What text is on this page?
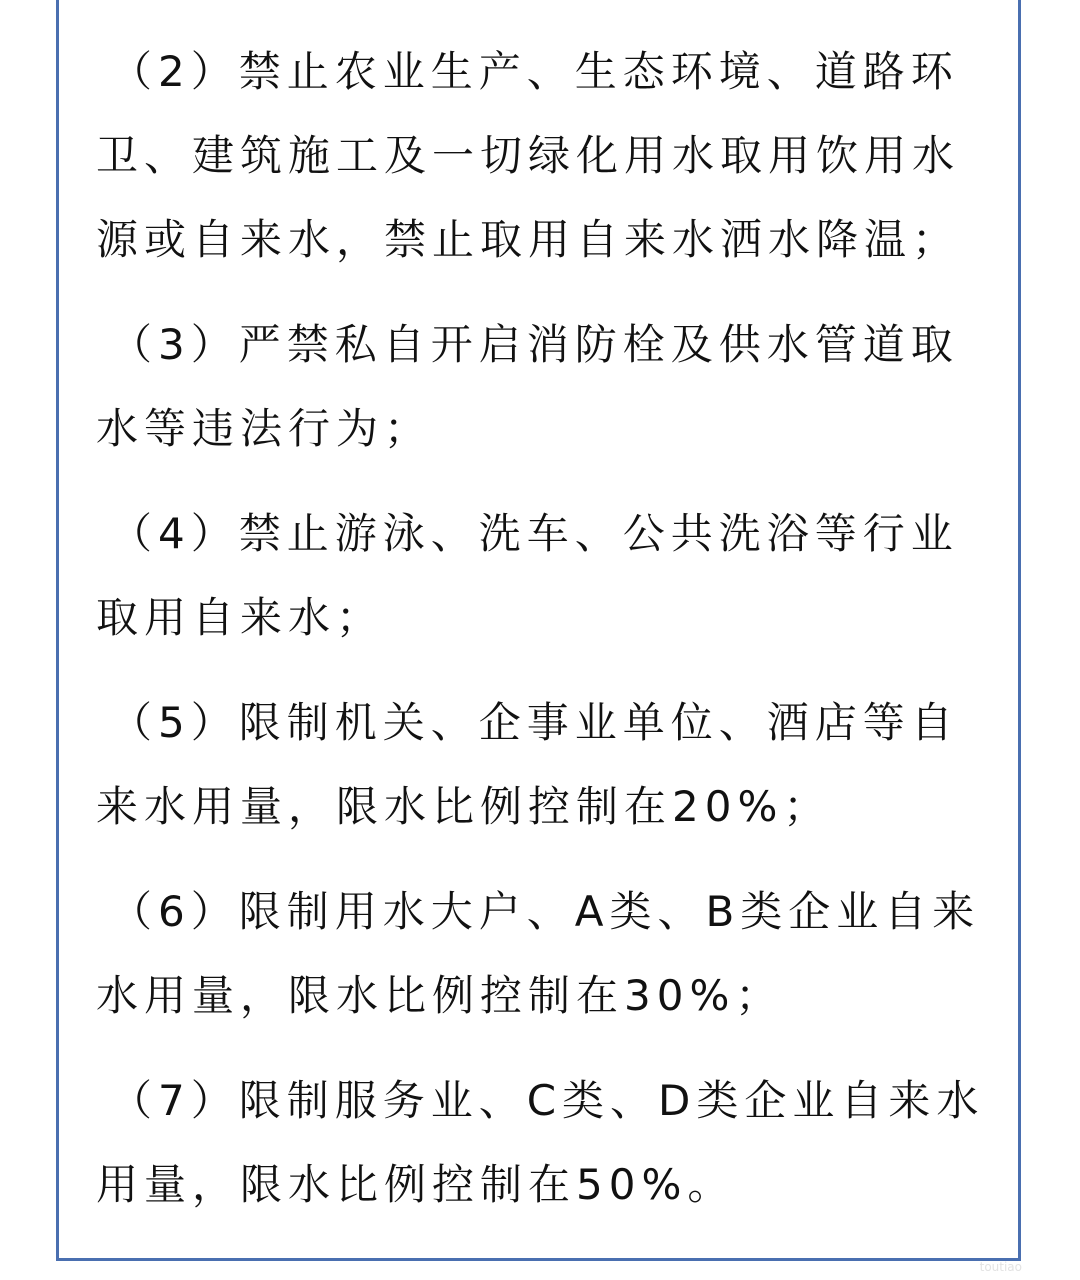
（2）禁止农业生产、生态环境、道路环卫、建筑施工及一切绿化用水取用饮用水源或自来水，禁止取用自来水洒水降温；

（3）严禁私自开启消防栓及供水管道取水等违法行为；

（4）禁止游泳、洗车、公共洗浴等行业取用自来水；

（5）限制机关、企事业单位、酒店等自来水用量，限水比例控制在20%；

（6）限制用水大户、A类、B类企业自来水用量，限水比例控制在30%；

（7）限制服务业、C类、D类企业自来水用量，限水比例控制在50%。

toutiao
